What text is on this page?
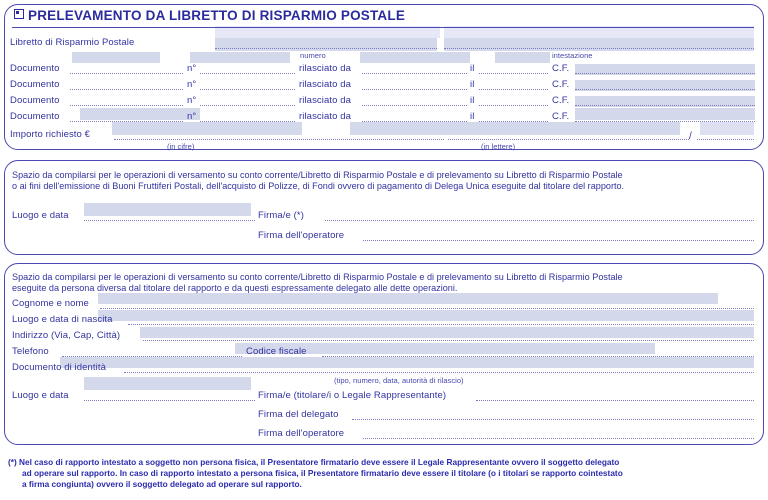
PRELEVAMENTO DA LIBRETTO DI RISPARMIO POSTALE
Libretto di Risparmio Postale
numero	intestazione
Documento	n°	rilasciato da	il	C.F.
Documento	n°	rilasciato da	il	C.F.
Documento	n°	rilasciato da	il	C.F.
Documento	n°	rilasciato da	il	C.F.
Importo richiesto €	/
(in cifre)	(in lettere)
Spazio da compilarsi per le operazioni di versamento su conto corrente/Libretto di Risparmio Postale e di prelevamento su Libretto di Risparmio Postale
o ai fini dell'emissione di Buoni Fruttiferi Postali, dell'acquisto di Polizze, di Fondi ovvero di pagamento di Delega Unica eseguite dal titolare del rapporto.
Luogo e data	Firma/e (*)
Firma dell'operatore
Spazio da compilarsi per le operazioni di versamento su conto corrente/Libretto di Risparmio Postale e di prelevamento su Libretto di Risparmio Postale
eseguite da persona diversa dal titolare del rapporto e da questi espressamente delegato alle dette operazioni.
Cognome e nome
Luogo e data di nascita
Indirizzo (Via, Cap, Città)
Telefono	Codice fiscale
Documento di identità
(tipo, numero, data, autorità di rilascio)
Luogo e data	Firma/e (titolare/i o Legale Rappresentante)
Firma del delegato
Firma dell'operatore
(*) Nel caso di rapporto intestato a soggetto non persona fisica, il Presentatore firmatario deve essere il Legale Rappresentante ovvero il soggetto delegato
ad operare sul rapporto. In caso di rapporto intestato a persona fisica, il Presentatore firmatario deve essere il titolare (o i titolari se rapporto cointestato
a firma congiunta) ovvero il soggetto delegato ad operare sul rapporto.
